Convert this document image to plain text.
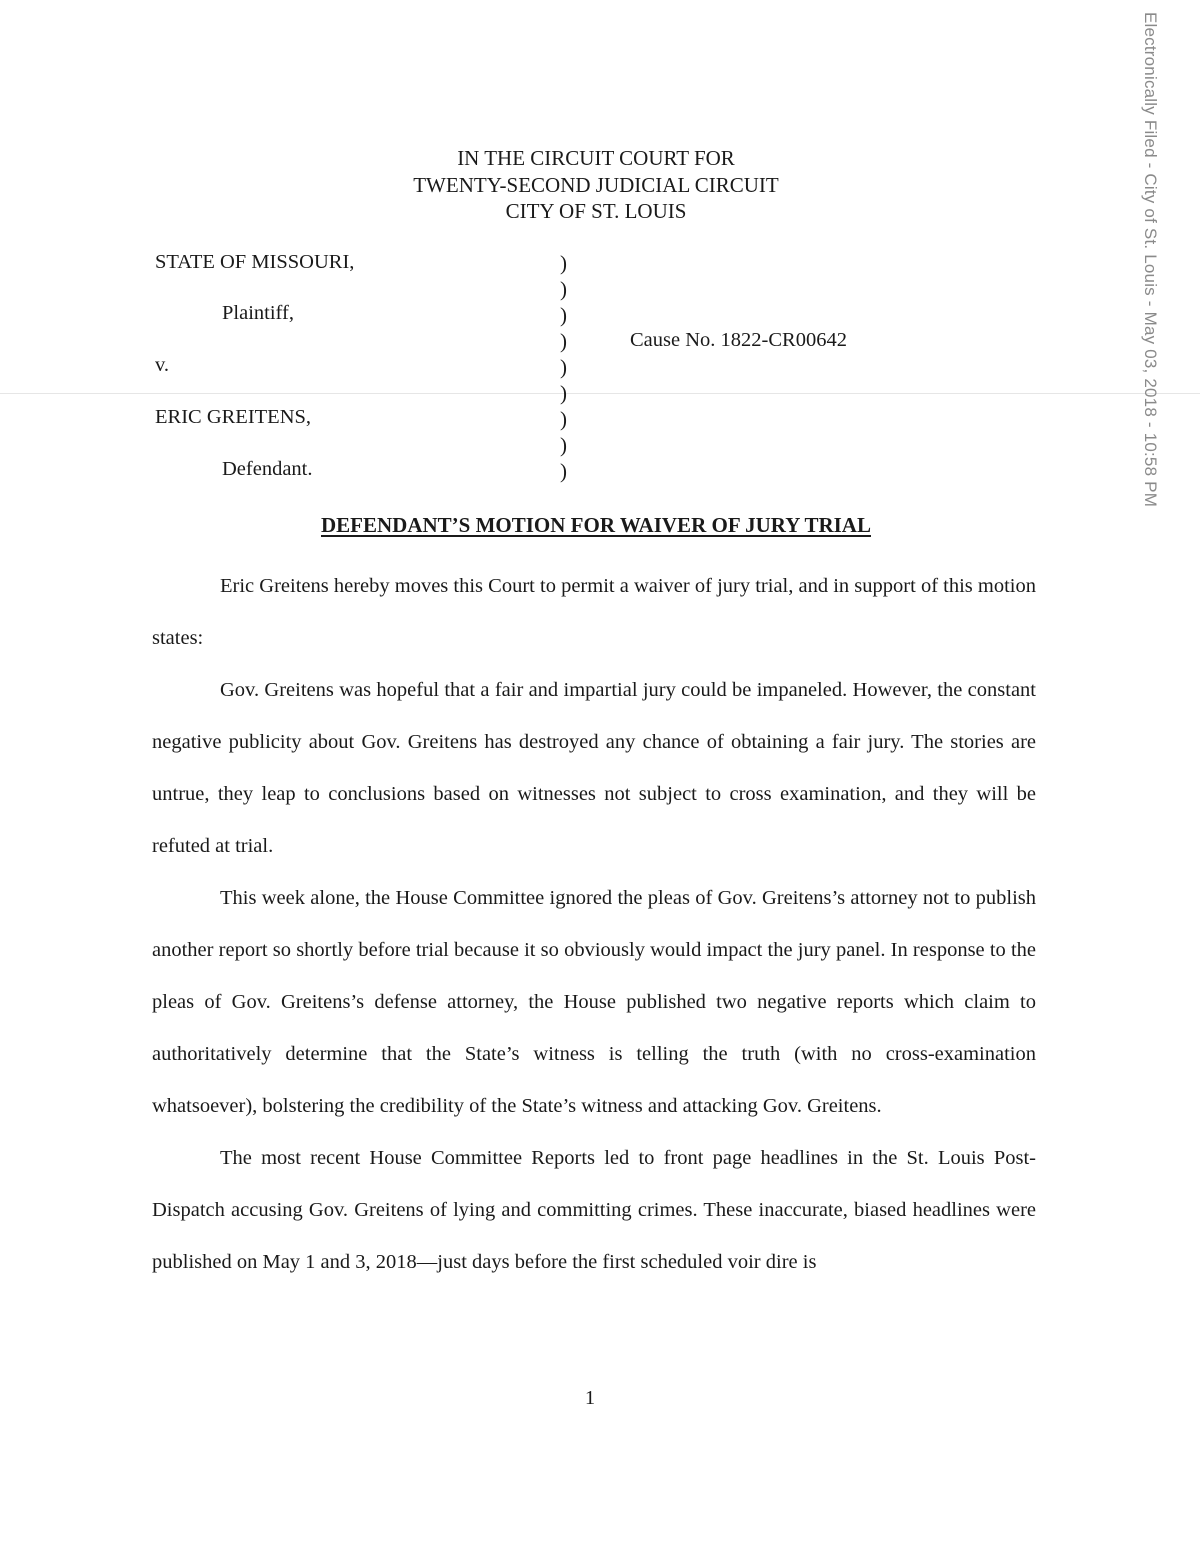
IN THE CIRCUIT COURT FOR
TWENTY-SECOND JUDICIAL CIRCUIT
CITY OF ST. LOUIS
STATE OF MISSOURI,
Plaintiff,
v.
ERIC GREITENS,
Defendant.
)
)
)
)
)
)
)
)
)
Cause No. 1822-CR00642
DEFENDANT’S MOTION FOR WAIVER OF JURY TRIAL

Eric Greitens hereby moves this Court to permit a waiver of jury trial, and in support of this motion states:

Gov. Greitens was hopeful that a fair and impartial jury could be impaneled. However, the constant negative publicity about Gov. Greitens has destroyed any chance of obtaining a fair jury. The stories are untrue, they leap to conclusions based on witnesses not subject to cross examination, and they will be refuted at trial.

This week alone, the House Committee ignored the pleas of Gov. Greitens’s attorney not to publish another report so shortly before trial because it so obviously would impact the jury panel. In response to the pleas of Gov. Greitens’s defense attorney, the House published two negative reports which claim to authoritatively determine that the State’s witness is telling the truth (with no cross-examination whatsoever), bolstering the credibility of the State’s witness and attacking Gov. Greitens.

The most recent House Committee Reports led to front page headlines in the St. Louis Post-Dispatch accusing Gov. Greitens of lying and committing crimes. These inaccurate, biased headlines were published on May 1 and 3, 2018—just days before the first scheduled voir dire is

1
Electronically Filed - City of St. Louis - May 03, 2018 - 10:58 PM
